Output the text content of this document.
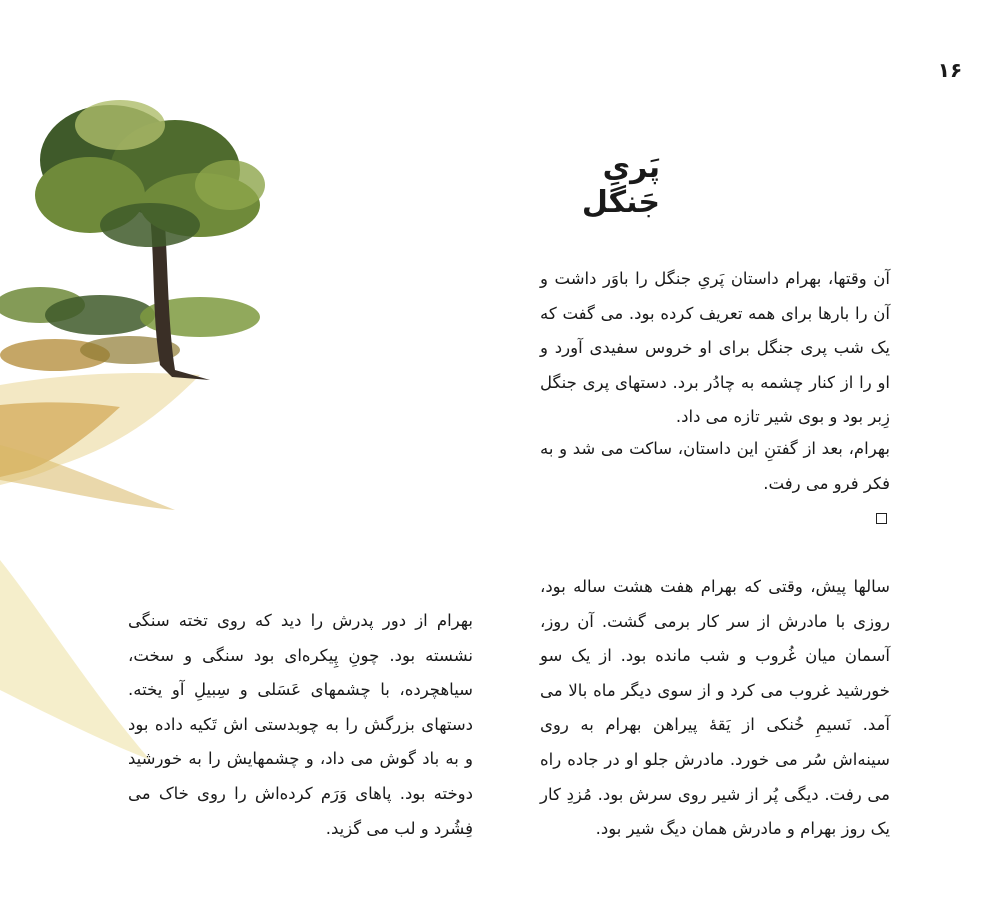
۱۶
پَرىِ جَنگل

آن وقتها، بهرام داستان پَرىِ جنگل را باوَر داشت و آن را بارها براى همه تعريف كرده بود. مى گفت كه يک شب پرى جنگل براى او خروس سفيدى آورد و او را از كنار چشمه به چادُر برد. دستهاى پرى جنگل زِبر بود و بوى شير تازه مى داد.

بهرام، بعد از گفتنِ اين داستان، ساكت مى شد و به فكر فرو مى رفت.

سالها پيش، وقتى كه بهرام هفت هشت ساله بود، روزى با مادرش از سر كار برمى گشت. آن روز، آسمان ميان غُروب و شب مانده بود. از يک سو خورشيد غروب مى كرد و از سوى ديگر ماه بالا مى آمد. نَسيمِ خُنكى از يَقهٔ پيراهن بهرام به روى سينه‌اش سُر مى خورد. مادرش جلو او در جاده راه مى رفت. ديگى پُر از شير روى سرش بود. مُزدِ كار يک روز بهرام و مادرش همان ديگ شير بود.

بهرام از دور پدرش را ديد كه روى تخته سنگى نشسته بود. چونِ پِيكره‌اى بود سنگى و سخت، سياهچرده، با چشمهاى عَسَلى و سِبيلِ آو يخته. دستهاى بزرگش را به چوبدستى اش تَكيه داده بود و به باد گوش مى داد، و چشمهايش را به خورشيد دوخته بود. پاهاى وَرَم كرده‌اش را روى خاک مى فِشُرد و لب مى گزيد.
